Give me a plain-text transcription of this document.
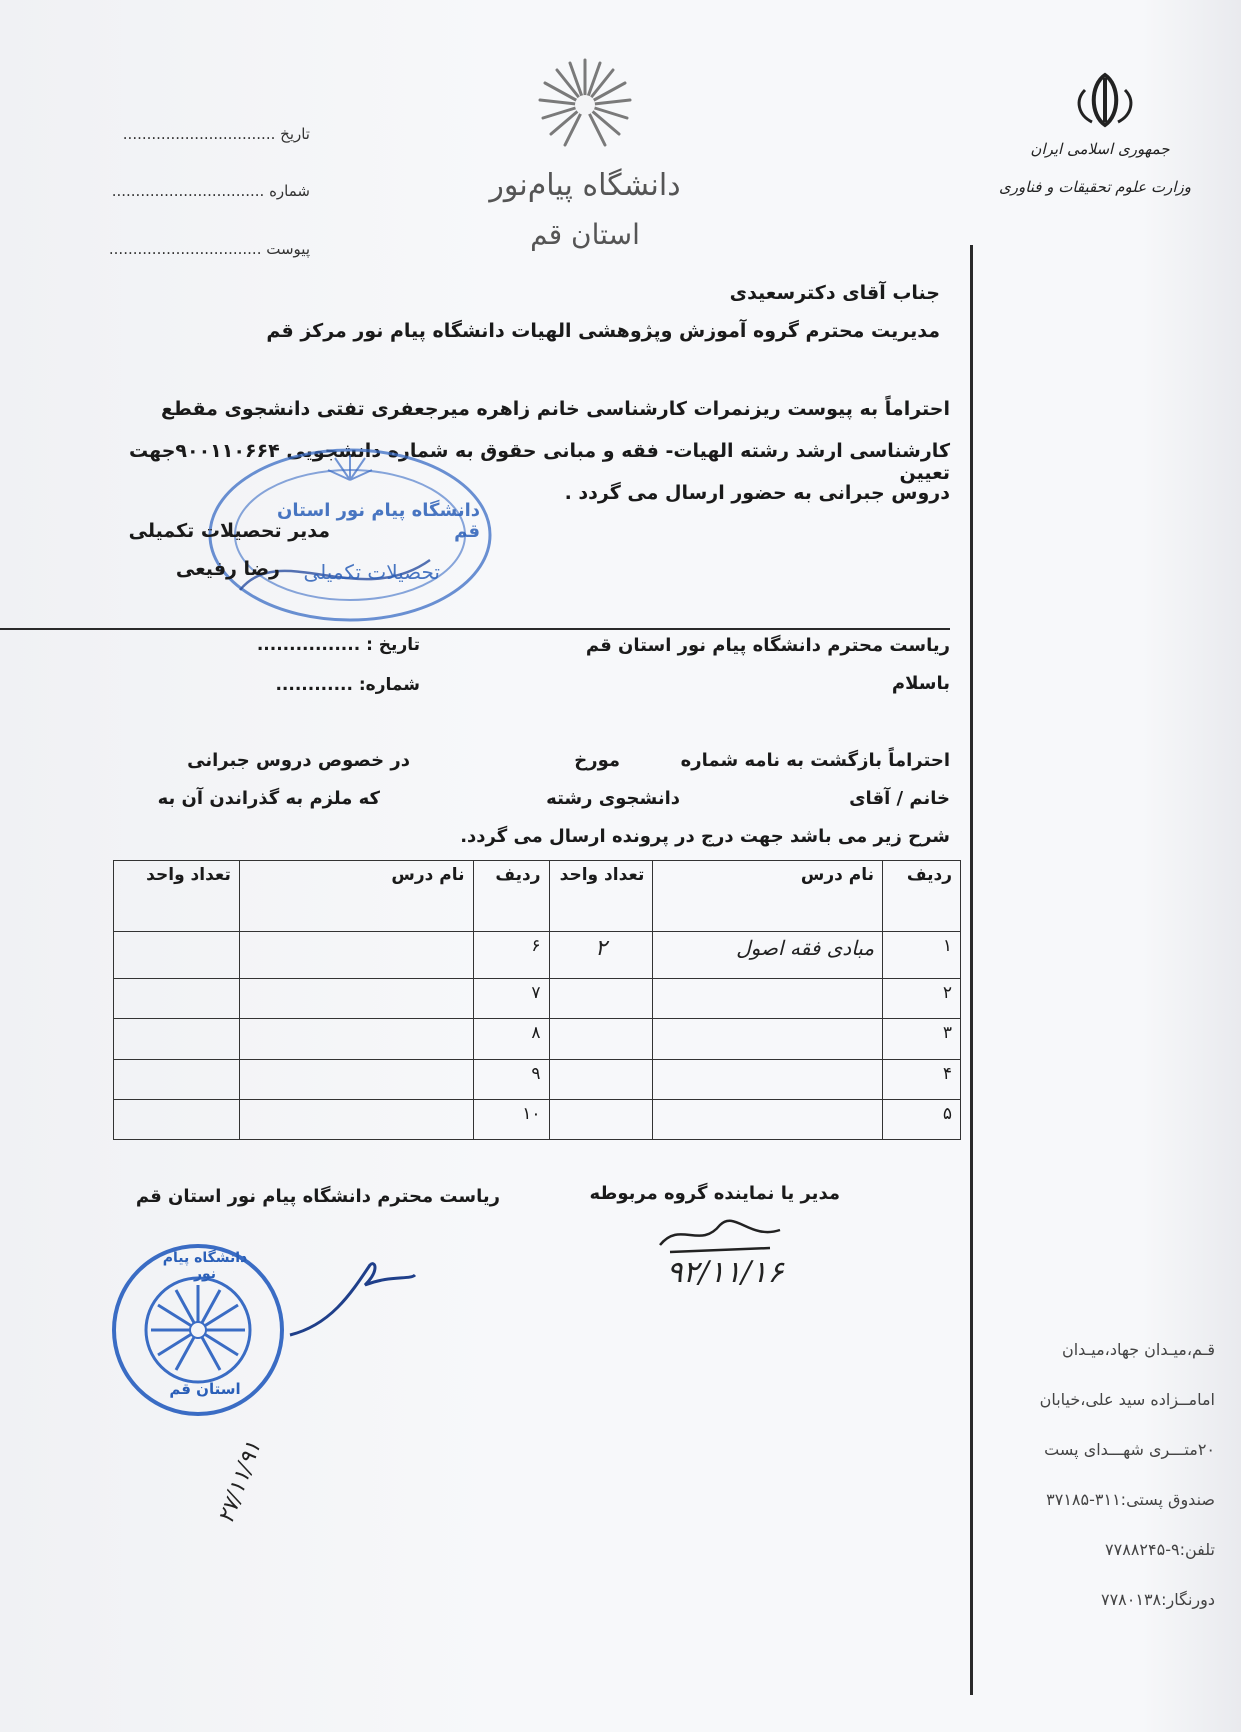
تاریخ ................................
شماره ................................
پیوست ................................
دانشگاه پیام‌نور
استان قم
جمهوری اسلامی ایران
وزارت علوم تحقیقات و فناوری
جناب آقای دکترسعیدی
مدیریت محترم گروه آموزش وپژوهشی الهیات دانشگاه پیام نور مرکز قم
احتراماً به پیوست ریزنمرات کارشناسی خانم زاهره میرجعفری تفتی دانشجوی مقطع
کارشناسی ارشد رشته الهیات- فقه و مبانی حقوق به شماره دانشجویی ۹۰۰۱۱۰۶۶۴جهت تعیین
دروس جبرانی به حضور ارسال می گردد .
دانشگاه پیام نور استان قم
تحصیلات تکمیلی
مدیر تحصیلات تکمیلی
رضا رفیعی
ریاست محترم دانشگاه پیام نور استان قم
باسلام
تاریخ : ................
شماره: ............
احتراماً بازگشت به نامه شماره
مورخ
در خصوص دروس جبرانی
خانم / آقای
دانشجوی رشته
که ملزم به گذراندن آن به
شرح زیر می باشد جهت درج در پرونده ارسال می گردد.
ردیف	نام درس	تعداد واحد	ردیف	نام درس	تعداد واحد
۱	مبادی فقه اصول	۲	۶		
۲			۷		
۳			۸		
۴			۹		
۵			۱۰		
مدیر یا نماینده گروه مربوطه
ریاست محترم دانشگاه پیام نور استان قم
۹۲/۱۱/۱۶
دانشگاه پیام نور
استان قم
۲۷/۱۱/۹۱
قـم،میـدان جهاد،میـدان
امامــزاده سید علی،خیابان
۲۰متـــری شهـــدای پست
صندوق پستی:۳۱۱-۳۷۱۸۵
تلفن:۹-۷۷۸۸۲۴۵
دورنگار:۷۷۸۰۱۳۸
